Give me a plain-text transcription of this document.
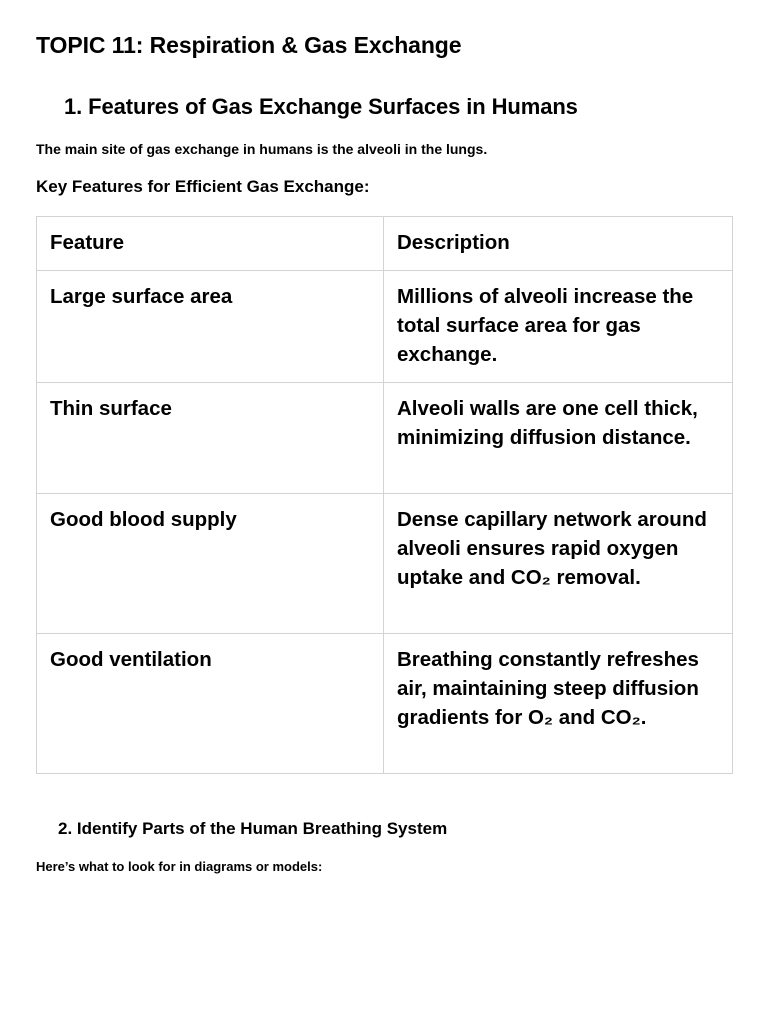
TOPIC 11: Respiration & Gas Exchange
1. Features of Gas Exchange Surfaces in Humans

The main site of gas exchange in humans is the alveoli in the lungs.

Key Features for Efficient Gas Exchange:
Feature	Description
Large surface area	Millions of alveoli increase the total surface area for gas exchange.
Thin surface	Alveoli walls are one cell thick, minimizing diffusion distance.
Good blood supply	Dense capillary network around alveoli ensures rapid oxygen uptake and CO₂ removal.
Good ventilation	Breathing constantly refreshes air, maintaining steep diffusion gradients for O₂ and CO₂.
2. Identify Parts of the Human Breathing System

Here’s what to look for in diagrams or models:
